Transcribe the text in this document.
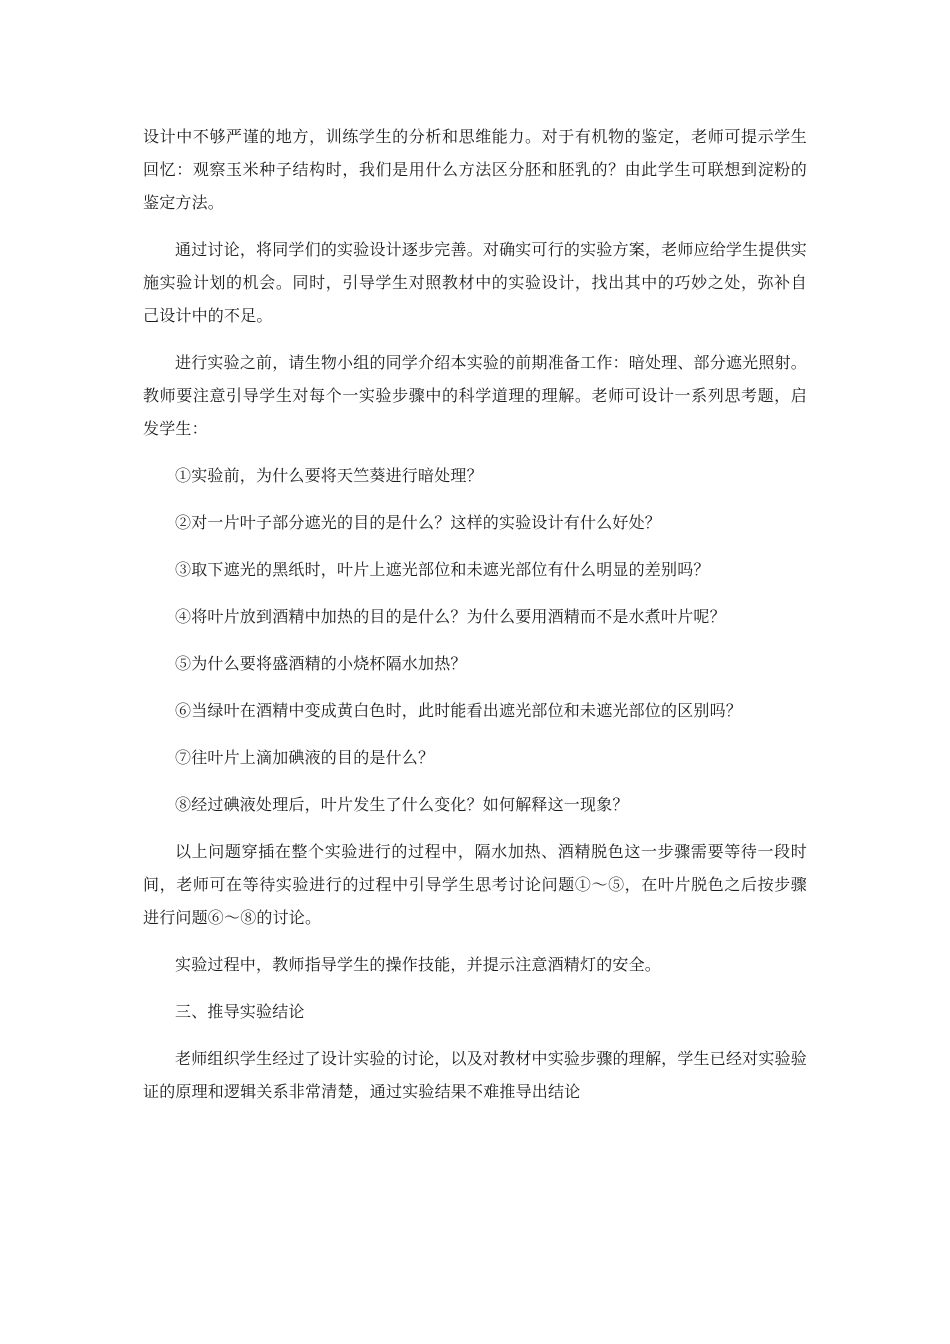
设计中不够严谨的地方，训练学生的分析和思维能力。对于有机物的鉴定，老师可提示学生回忆：观察玉米种子结构时，我们是用什么方法区分胚和胚乳的？由此学生可联想到淀粉的鉴定方法。

通过讨论，将同学们的实验设计逐步完善。对确实可行的实验方案，老师应给学生提供实施实验计划的机会。同时，引导学生对照教材中的实验设计，找出其中的巧妙之处，弥补自己设计中的不足。

进行实验之前，请生物小组的同学介绍本实验的前期准备工作：暗处理、部分遮光照射。教师要注意引导学生对每个一实验步骤中的科学道理的理解。老师可设计一系列思考题，启发学生：

①实验前，为什么要将天竺葵进行暗处理？

②对一片叶子部分遮光的目的是什么？这样的实验设计有什么好处？

③取下遮光的黑纸时，叶片上遮光部位和未遮光部位有什么明显的差别吗？

④将叶片放到酒精中加热的目的是什么？为什么要用酒精而不是水煮叶片呢？

⑤为什么要将盛酒精的小烧杯隔水加热？

⑥当绿叶在酒精中变成黄白色时，此时能看出遮光部位和未遮光部位的区别吗？

⑦往叶片上滴加碘液的目的是什么？

⑧经过碘液处理后，叶片发生了什么变化？如何解释这一现象？

以上问题穿插在整个实验进行的过程中，隔水加热、酒精脱色这一步骤需要等待一段时间，老师可在等待实验进行的过程中引导学生思考讨论问题①～⑤，在叶片脱色之后按步骤进行问题⑥～⑧的讨论。

实验过程中，教师指导学生的操作技能，并提示注意酒精灯的安全。

三、推导实验结论

老师组织学生经过了设计实验的讨论，以及对教材中实验步骤的理解，学生已经对实验验证的原理和逻辑关系非常清楚，通过实验结果不难推导出结论
